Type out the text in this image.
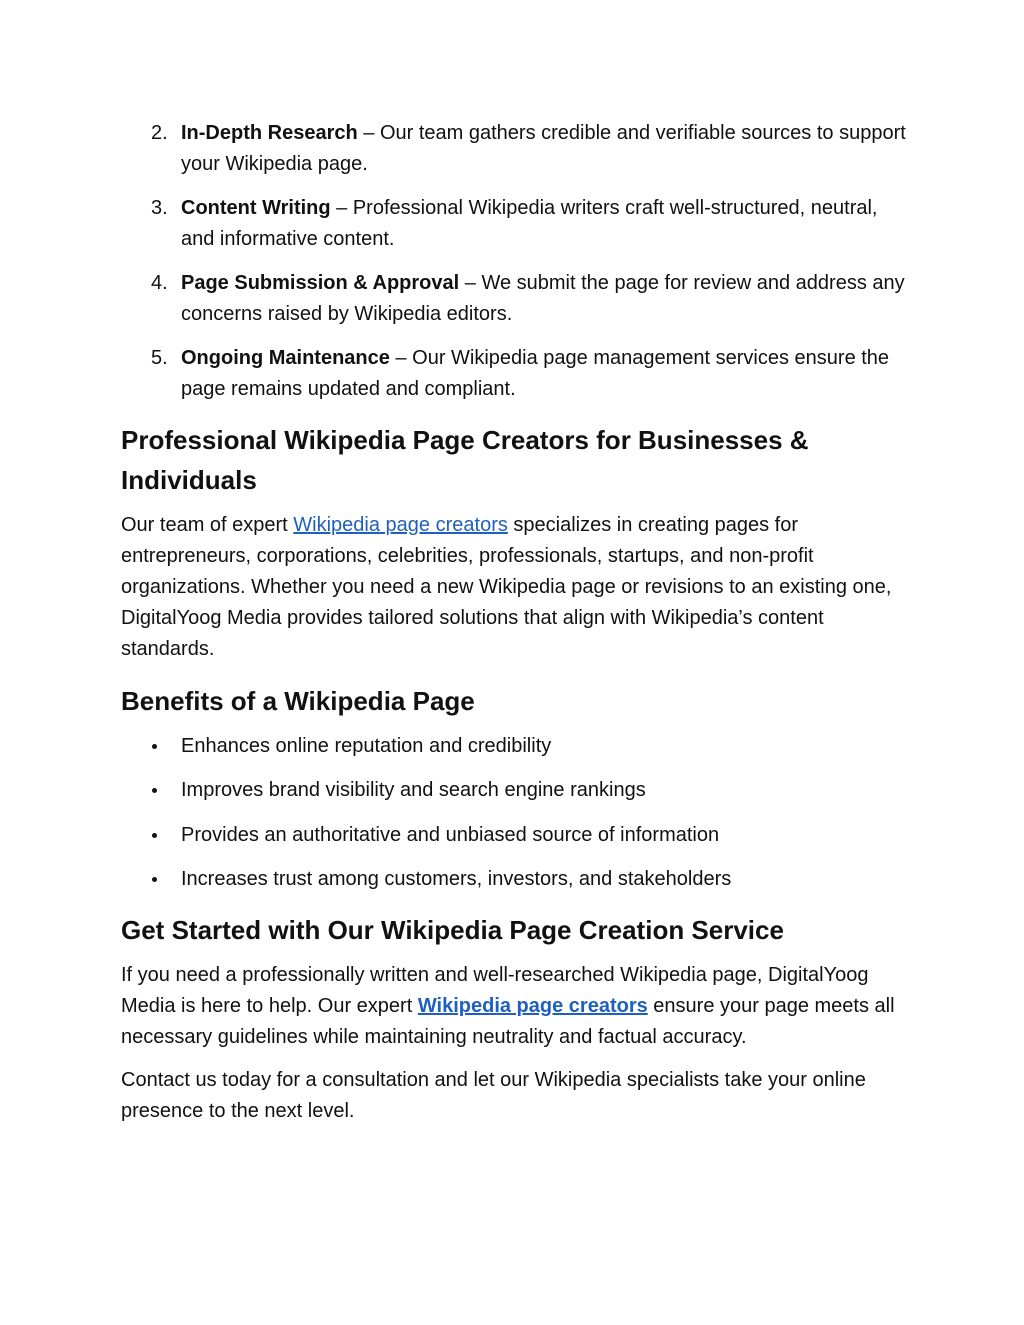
2. In-Depth Research – Our team gathers credible and verifiable sources to support your Wikipedia page.
3. Content Writing – Professional Wikipedia writers craft well-structured, neutral, and informative content.
4. Page Submission & Approval – We submit the page for review and address any concerns raised by Wikipedia editors.
5. Ongoing Maintenance – Our Wikipedia page management services ensure the page remains updated and compliant.
Professional Wikipedia Page Creators for Businesses & Individuals

Our team of expert Wikipedia page creators specializes in creating pages for entrepreneurs, corporations, celebrities, professionals, startups, and non-profit organizations. Whether you need a new Wikipedia page or revisions to an existing one, DigitalYoog Media provides tailored solutions that align with Wikipedia’s content standards.

Benefits of a Wikipedia Page
Enhances online reputation and credibility
Improves brand visibility and search engine rankings
Provides an authoritative and unbiased source of information
Increases trust among customers, investors, and stakeholders
Get Started with Our Wikipedia Page Creation Service

If you need a professionally written and well-researched Wikipedia page, DigitalYoog Media is here to help. Our expert Wikipedia page creators ensure your page meets all necessary guidelines while maintaining neutrality and factual accuracy.

Contact us today for a consultation and let our Wikipedia specialists take your online presence to the next level.
